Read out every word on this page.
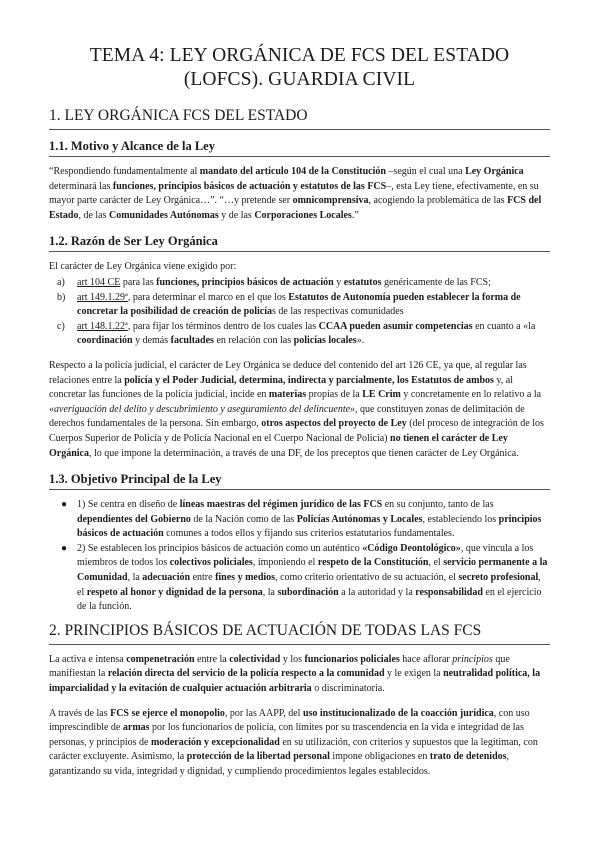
TEMA 4: LEY ORGÁNICA DE FCS DEL ESTADO (LOFCS). GUARDIA CIVIL
1. LEY ORGÁNICA FCS DEL ESTADO
1.1. Motivo y Alcance de la Ley

“Respondiendo fundamentalmente al mandato del artículo 104 de la Constitución –según el cual una Ley Orgánica determinará las funciones, principios básicos de actuación y estatutos de las FCS–, esta Ley tiene, efectivamente, en su mayor parte carácter de Ley Orgánica…”. “…y pretende ser omnicomprensiva, acogiendo la problemática de las FCS del Estado, de las Comunidades Autónomas y de las Corporaciones Locales.”

1.2. Razón de Ser Ley Orgánica

El carácter de Ley Orgánica viene exigido por:

a) art 104 CE para las funciones, principios básicos de actuación y estatutos genéricamente de las FCS;
b) art 149.1.29ª, para determinar el marco en el que los Estatutos de Autonomía pueden establecer la forma de concretar la posibilidad de creación de policías de las respectivas comunidades
c) art 148.1.22ª, para fijar los términos dentro de los cuales las CCAA pueden asumir competencias en cuanto a «la coordinación y demás facultades en relación con las policías locales».

Respecto a la policía judicial, el carácter de Ley Orgánica se deduce del contenido del art 126 CE, ya que, al regular las relaciones entre la policía y el Poder Judicial, determina, indirecta y parcialmente, los Estatutos de ambos y, al concretar las funciones de la policía judicial, incide en materias propias de la LE Crim y concretamente en lo relativo a la «averiguación del delito y descubrimiento y aseguramiento del delincuente», que constituyen zonas de delimitación de derechos fundamentales de la persona. Sin embargo, otros aspectos del proyecto de Ley (del proceso de integración de los Cuerpos Superior de Policía y de Policía Nacional en el Cuerpo Nacional de Policía) no tienen el carácter de Ley Orgánica, lo que impone la determinación, a través de una DF, de los preceptos que tienen carácter de Ley Orgánica.

1.3. Objetivo Principal de la Ley
● 1) Se centra en diseño de líneas maestras del régimen jurídico de las FCS en su conjunto, tanto de las dependientes del Gobierno de la Nación como de las Policías Autónomas y Locales, estableciendo los principios básicos de actuación comunes a todos ellos y fijando sus criterios estatutarios fundamentales.
● 2) Se establecen los principios básicos de actuación como un auténtico «Código Deontológico», que vincula a los miembros de todos los colectivos policiales, imponiendo el respeto de la Constitución, el servicio permanente a la Comunidad, la adecuación entre fines y medios, como criterio orientativo de su actuación, el secreto profesional, el respeto al honor y dignidad de la persona, la subordinación a la autoridad y la responsabilidad en el ejercicio de la función.
2. PRINCIPIOS BÁSICOS DE ACTUACIÓN DE TODAS LAS FCS

La activa e intensa compenetración entre la colectividad y los funcionarios policiales hace aflorar principios que manifiestan la relación directa del servicio de la policía respecto a la comunidad y le exigen la neutralidad política, la imparcialidad y la evitación de cualquier actuación arbitraria o discriminatoria.

A través de las FCS se ejerce el monopolio, por las AAPP, del uso institucionalizado de la coacción jurídica, con uso imprescindible de armas por los funcionarios de policía, con límites por su trascendencia en la vida e integridad de las personas, y principios de moderación y excepcionalidad en su utilización, con criterios y supuestos que la legitiman, con carácter excluyente. Asimismo, la protección de la libertad personal impone obligaciones en trato de detenidos, garantizando su vida, integridad y dignidad, y cumpliendo procedimientos legales establecidos.
